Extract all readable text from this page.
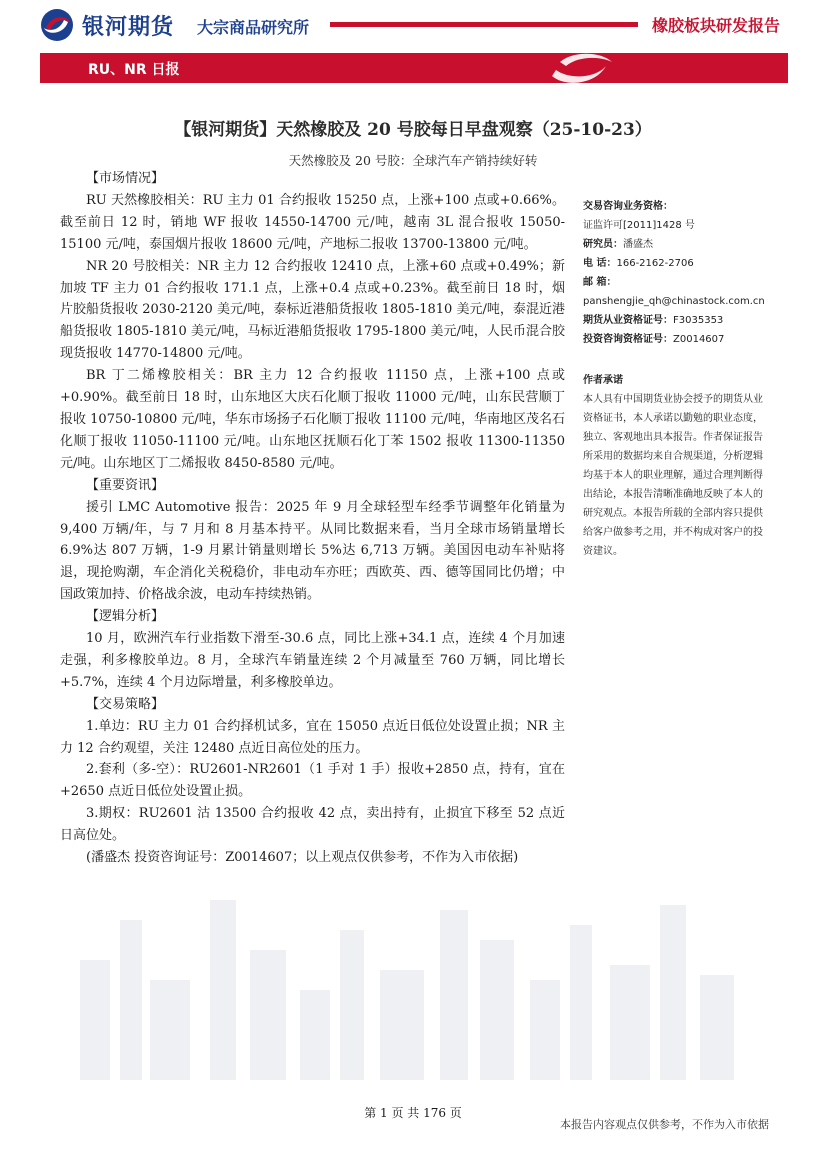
银河期货 大宗商品研究所	橡胶板块研发报告
RU、NR 日报
【银河期货】天然橡胶及 20 号胶每日早盘观察（25-10-23）
天然橡胶及 20 号胶：全球汽车产销持续好转

【市场情况】

RU 天然橡胶相关：RU 主力 01 合约报收 15250 点，上涨+100 点或+0.66%。截至前日 12 时，销地 WF 报收 14550-14700 元/吨，越南 3L 混合报收 15050-15100 元/吨，泰国烟片报收 18600 元/吨，产地标二报收 13700-13800 元/吨。

NR 20 号胶相关：NR 主力 12 合约报收 12410 点，上涨+60 点或+0.49%；新加坡 TF 主力 01 合约报收 171.1 点，上涨+0.4 点或+0.23%。截至前日 18 时，烟片胶船货报收 2030-2120 美元/吨，泰标近港船货报收 1805-1810 美元/吨，泰混近港船货报收 1805-1810 美元/吨，马标近港船货报收 1795-1800 美元/吨，人民币混合胶现货报收 14770-14800 元/吨。

BR 丁二烯橡胶相关：BR 主力 12 合约报收 11150 点，上涨+100 点或+0.90%。截至前日 18 时，山东地区大庆石化顺丁报收 11000 元/吨，山东民营顺丁报收 10750-10800 元/吨，华东市场扬子石化顺丁报收 11100 元/吨，华南地区茂名石化顺丁报收 11050-11100 元/吨。山东地区抚顺石化丁苯 1502 报收 11300-11350 元/吨。山东地区丁二烯报收 8450-8580 元/吨。

【重要资讯】

援引 LMC Automotive 报告：2025 年 9 月全球轻型车经季节调整年化销量为 9,400 万辆/年，与 7 月和 8 月基本持平。从同比数据来看，当月全球市场销量增长 6.9%达 807 万辆，1-9 月累计销量则增长 5%达 6,713 万辆。美国因电动车补贴将退，现抢购潮，车企消化关税稳价，非电动车亦旺；西欧英、西、德等国同比仍增；中国政策加持、价格战余波，电动车持续热销。

【逻辑分析】

10 月，欧洲汽车行业指数下滑至-30.6 点，同比上涨+34.1 点，连续 4 个月加速走强，利多橡胶单边。8 月，全球汽车销量连续 2 个月减量至 760 万辆，同比增长+5.7%，连续 4 个月边际增量，利多橡胶单边。

【交易策略】

1.单边：RU 主力 01 合约择机试多，宜在 15050 点近日低位处设置止损；NR 主力 12 合约观望，关注 12480 点近日高位处的压力。

2.套利（多-空）：RU2601-NR2601（1 手对 1 手）报收+2850 点，持有，宜在+2650 点近日低位处设置止损。

3.期权：RU2601 沽 13500 合约报收 42 点，卖出持有，止损宜下移至 52 点近日高位处。

(潘盛杰 投资咨询证号：Z0014607；以上观点仅供参考，不作为入市依据)

交易咨询业务资格：
证监许可[2011]1428 号
研究员：潘盛杰
电 话：166-2162-2706
邮 箱：
panshengjie_qh@chinastock.com.cn
期货从业资格证号：F3035353
投资咨询资格证号：Z0014607
作者承诺
本人具有中国期货业协会授予的期货从业资格证书，本人承诺以勤勉的职业态度，独立、客观地出具本报告。作者保证报告所采用的数据均来自合规渠道，分析逻辑均基于本人的职业理解，通过合理判断得出结论，本报告清晰准确地反映了本人的研究观点。本报告所载的全部内容只提供给客户做参考之用，并不构成对客户的投资建议。
第 1 页 共 176 页
本报告内容观点仅供参考，不作为入市依据
